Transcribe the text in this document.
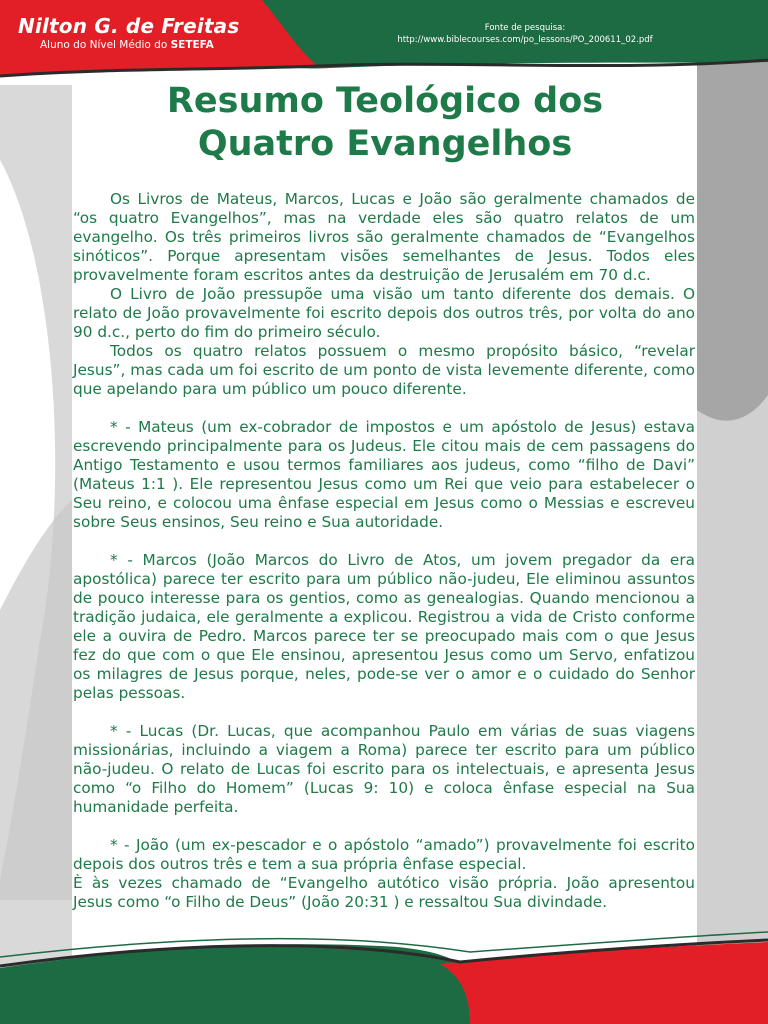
Nilton G. de Freitas
Aluno do Nível Médio do SETEFA
Fonte de pesquisa:
http://www.biblecourses.com/po_lessons/PO_200611_02.pdf
Resumo Teológico dos
Quatro Evangelhos

Os Livros de Mateus, Marcos, Lucas e João são geralmente chamados de “os quatro Evangelhos”, mas na verdade eles são quatro relatos de um evangelho. Os três primeiros livros são geralmente chamados de “Evangelhos sinóticos”. Porque apresentam visões semelhantes de Jesus. Todos eles provavelmente foram escritos antes da destruição de Jerusalém em 70 d.c.

O Livro de João pressupõe uma visão um tanto diferente dos demais. O relato de João provavelmente foi escrito depois dos outros três, por volta do ano 90 d.c., perto do fim do primeiro século.

Todos os quatro relatos possuem o mesmo propósito básico, “revelar Jesus”, mas cada um foi escrito de um ponto de vista levemente diferente, como que apelando para um público um pouco diferente.

* - Mateus (um ex-cobrador de impostos e um apóstolo de Jesus) estava escrevendo principalmente para os Judeus. Ele citou mais de cem passagens do Antigo Testamento e usou termos familiares aos judeus, como “filho de Davi” (Mateus 1:1 ). Ele representou Jesus como um Rei que veio para estabelecer o Seu reino, e colocou uma ênfase especial em Jesus como o Messias e escreveu sobre Seus ensinos, Seu reino e Sua autoridade.

* - Marcos (João Marcos do Livro de Atos, um jovem pregador da era apostólica) parece ter escrito para um público não-judeu, Ele eliminou assuntos de pouco interesse para os gentios, como as genealogias. Quando mencionou a tradição judaica, ele geralmente a explicou. Registrou a vida de Cristo conforme ele a ouvira de Pedro. Marcos parece ter se preocupado mais com o que Jesus fez do que com o que Ele ensinou, apresentou Jesus como um Servo, enfatizou os milagres de Jesus porque, neles, pode-se ver o amor e o cuidado do Senhor pelas pessoas.

* - Lucas (Dr. Lucas, que acompanhou Paulo em várias de suas viagens missionárias, incluindo a viagem a Roma) parece ter escrito para um público não-judeu. O relato de Lucas foi escrito para os intelectuais, e apresenta Jesus como “o Filho do Homem” (Lucas 9: 10) e coloca ênfase especial na Sua humanidade perfeita.

* - João (um ex-pescador e o apóstolo “amado”) provavelmente foi escrito depois dos outros três e tem a sua própria ênfase especial.

È às vezes chamado de “Evangelho autótico visão própria. João apresentou Jesus como “o Filho de Deus” (João 20:31 ) e ressaltou Sua divindade.
